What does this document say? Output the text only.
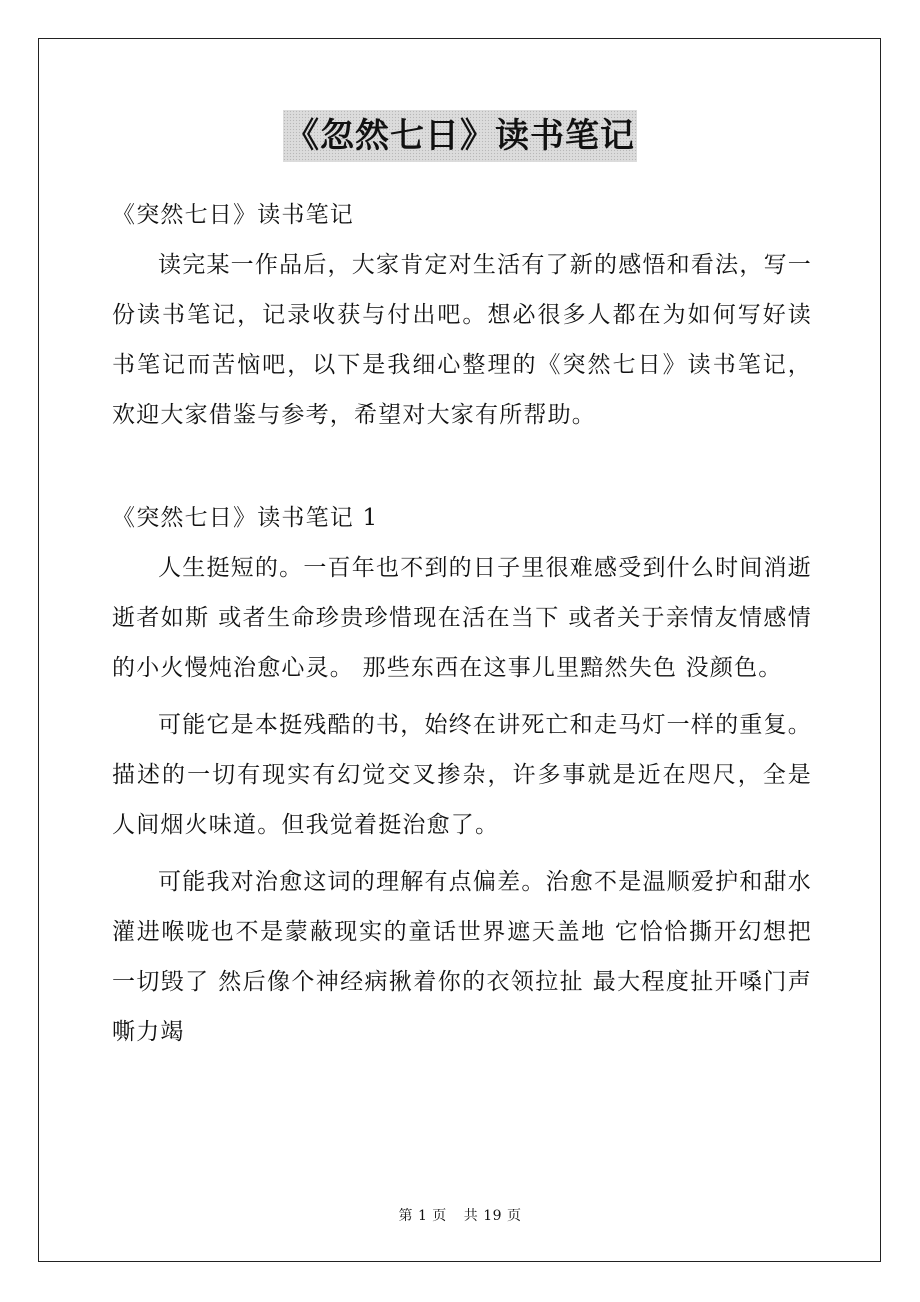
《忽然七日》读书笔记

《突然七日》读书笔记

读完某一作品后，大家肯定对生活有了新的感悟和看法，写一份读书笔记，记录收获与付出吧。想必很多人都在为如何写好读书笔记而苦恼吧，以下是我细心整理的《突然七日》读书笔记，欢迎大家借鉴与参考，希望对大家有所帮助。

《突然七日》读书笔记 1

人生挺短的。一百年也不到的日子里很难感受到什么时间消逝逝者如斯 或者生命珍贵珍惜现在活在当下 或者关于亲情友情感情的小火慢炖治愈心灵。 那些东西在这事儿里黯然失色 没颜色。

可能它是本挺残酷的书，始终在讲死亡和走马灯一样的重复。描述的一切有现实有幻觉交叉掺杂，许多事就是近在咫尺，全是人间烟火味道。但我觉着挺治愈了。

可能我对治愈这词的理解有点偏差。治愈不是温顺爱护和甜水灌进喉咙也不是蒙蔽现实的童话世界遮天盖地 它恰恰撕开幻想把一切毁了 然后像个神经病揪着你的衣领拉扯 最大程度扯开嗓门声嘶力竭

第 1 页 共 19 页
